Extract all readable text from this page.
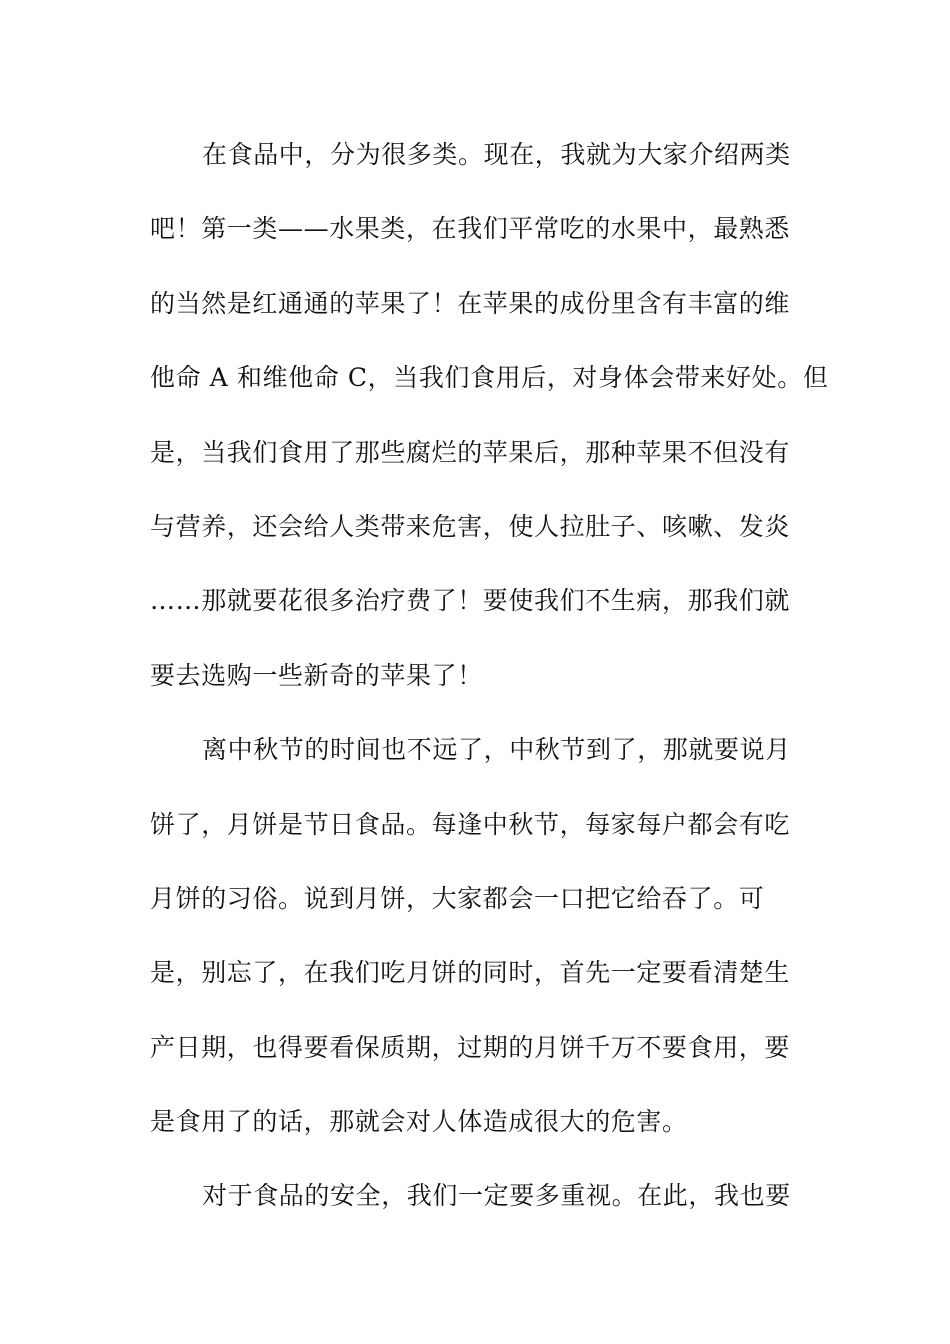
在食品中，分为很多类。现在，我就为大家介绍两类
吧！第一类——水果类，在我们平常吃的水果中，最熟悉
的当然是红通通的苹果了！在苹果的成份里含有丰富的维
他命 A 和维他命 C，当我们食用后，对身体会带来好处。但
是，当我们食用了那些腐烂的苹果后，那种苹果不但没有
与营养，还会给人类带来危害，使人拉肚子、咳嗽、发炎
……那就要花很多治疗费了！要使我们不生病，那我们就
要去选购一些新奇的苹果了！
离中秋节的时间也不远了，中秋节到了，那就要说月
饼了，月饼是节日食品。每逢中秋节，每家每户都会有吃
月饼的习俗。说到月饼，大家都会一口把它给吞了。可
是，别忘了，在我们吃月饼的同时，首先一定要看清楚生
产日期，也得要看保质期，过期的月饼千万不要食用，要
是食用了的话，那就会对人体造成很大的危害。
对于食品的安全，我们一定要多重视。在此，我也要
